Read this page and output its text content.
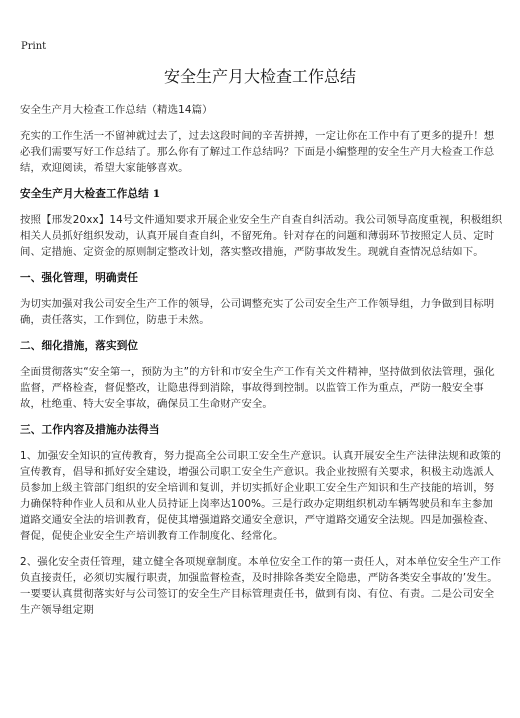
Print
安全生产月大检查工作总结

安全生产月大检查工作总结（精选14篇）

充实的工作生活一不留神就过去了，过去这段时间的辛苦拼搏，一定让你在工作中有了更多的提升！想必我们需要写好工作总结了。那么你有了解过工作总结吗？下面是小编整理的安全生产月大检查工作总结，欢迎阅读，希望大家能够喜欢。

安全生产月大检查工作总结 1

按照【邢发20xx】14号文件通知要求开展企业安全生产自查自纠活动。我公司领导高度重视，积极组织相关人员抓好组织发动，认真开展自查自纠，不留死角。针对存在的问题和薄弱环节按照定人员、定时间、定措施、定资金的原则制定整改计划，落实整改措施，严防事故发生。现就自查情况总结如下。

一、强化管理，明确责任

为切实加强对我公司安全生产工作的领导，公司调整充实了公司安全生产工作领导组，力争做到目标明确，责任落实，工作到位，防患于未然。

二、细化措施，落实到位

全面贯彻落实“安全第一，预防为主”的方针和市安全生产工作有关文件精神，坚持做到依法管理，强化监督，严格检查，督促整改，让隐患得到消除，事故得到控制。以监管工作为重点，严防一般安全事故，杜绝重、特大安全事故，确保员工生命财产安全。

三、工作内容及措施办法得当

1、加强安全知识的宣传教育，努力提高全公司职工安全生产意识。认真开展安全生产法律法规和政策的宣传教育，倡导和抓好安全建设，增强公司职工安全生产意识。我企业按照有关要求，积极主动选派人员参加上级主管部门组织的安全培训和复训，并切实抓好企业职工安全生产知识和生产技能的培训，努力确保特种作业人员和从业人员持证上岗率达100%。三是行政办定期组织机动车辆驾驶员和车主参加道路交通安全法的培训教育，促使其增强道路交通安全意识，严守道路交通安全法规。四是加强检查、督促，促使企业安全生产培训教育工作制度化、经常化。

2、强化安全责任管理，建立健全各项规章制度。本单位安全工作的第一责任人，对本单位安全生产工作负直接责任，必须切实履行职责，加强监督检查，及时排除各类安全隐患，严防各类安全事故的’发生。一要要认真贯彻落实好与公司签订的安全生产目标管理责任书，做到有岗、有位、有责。二是公司安全生产领导组定期
